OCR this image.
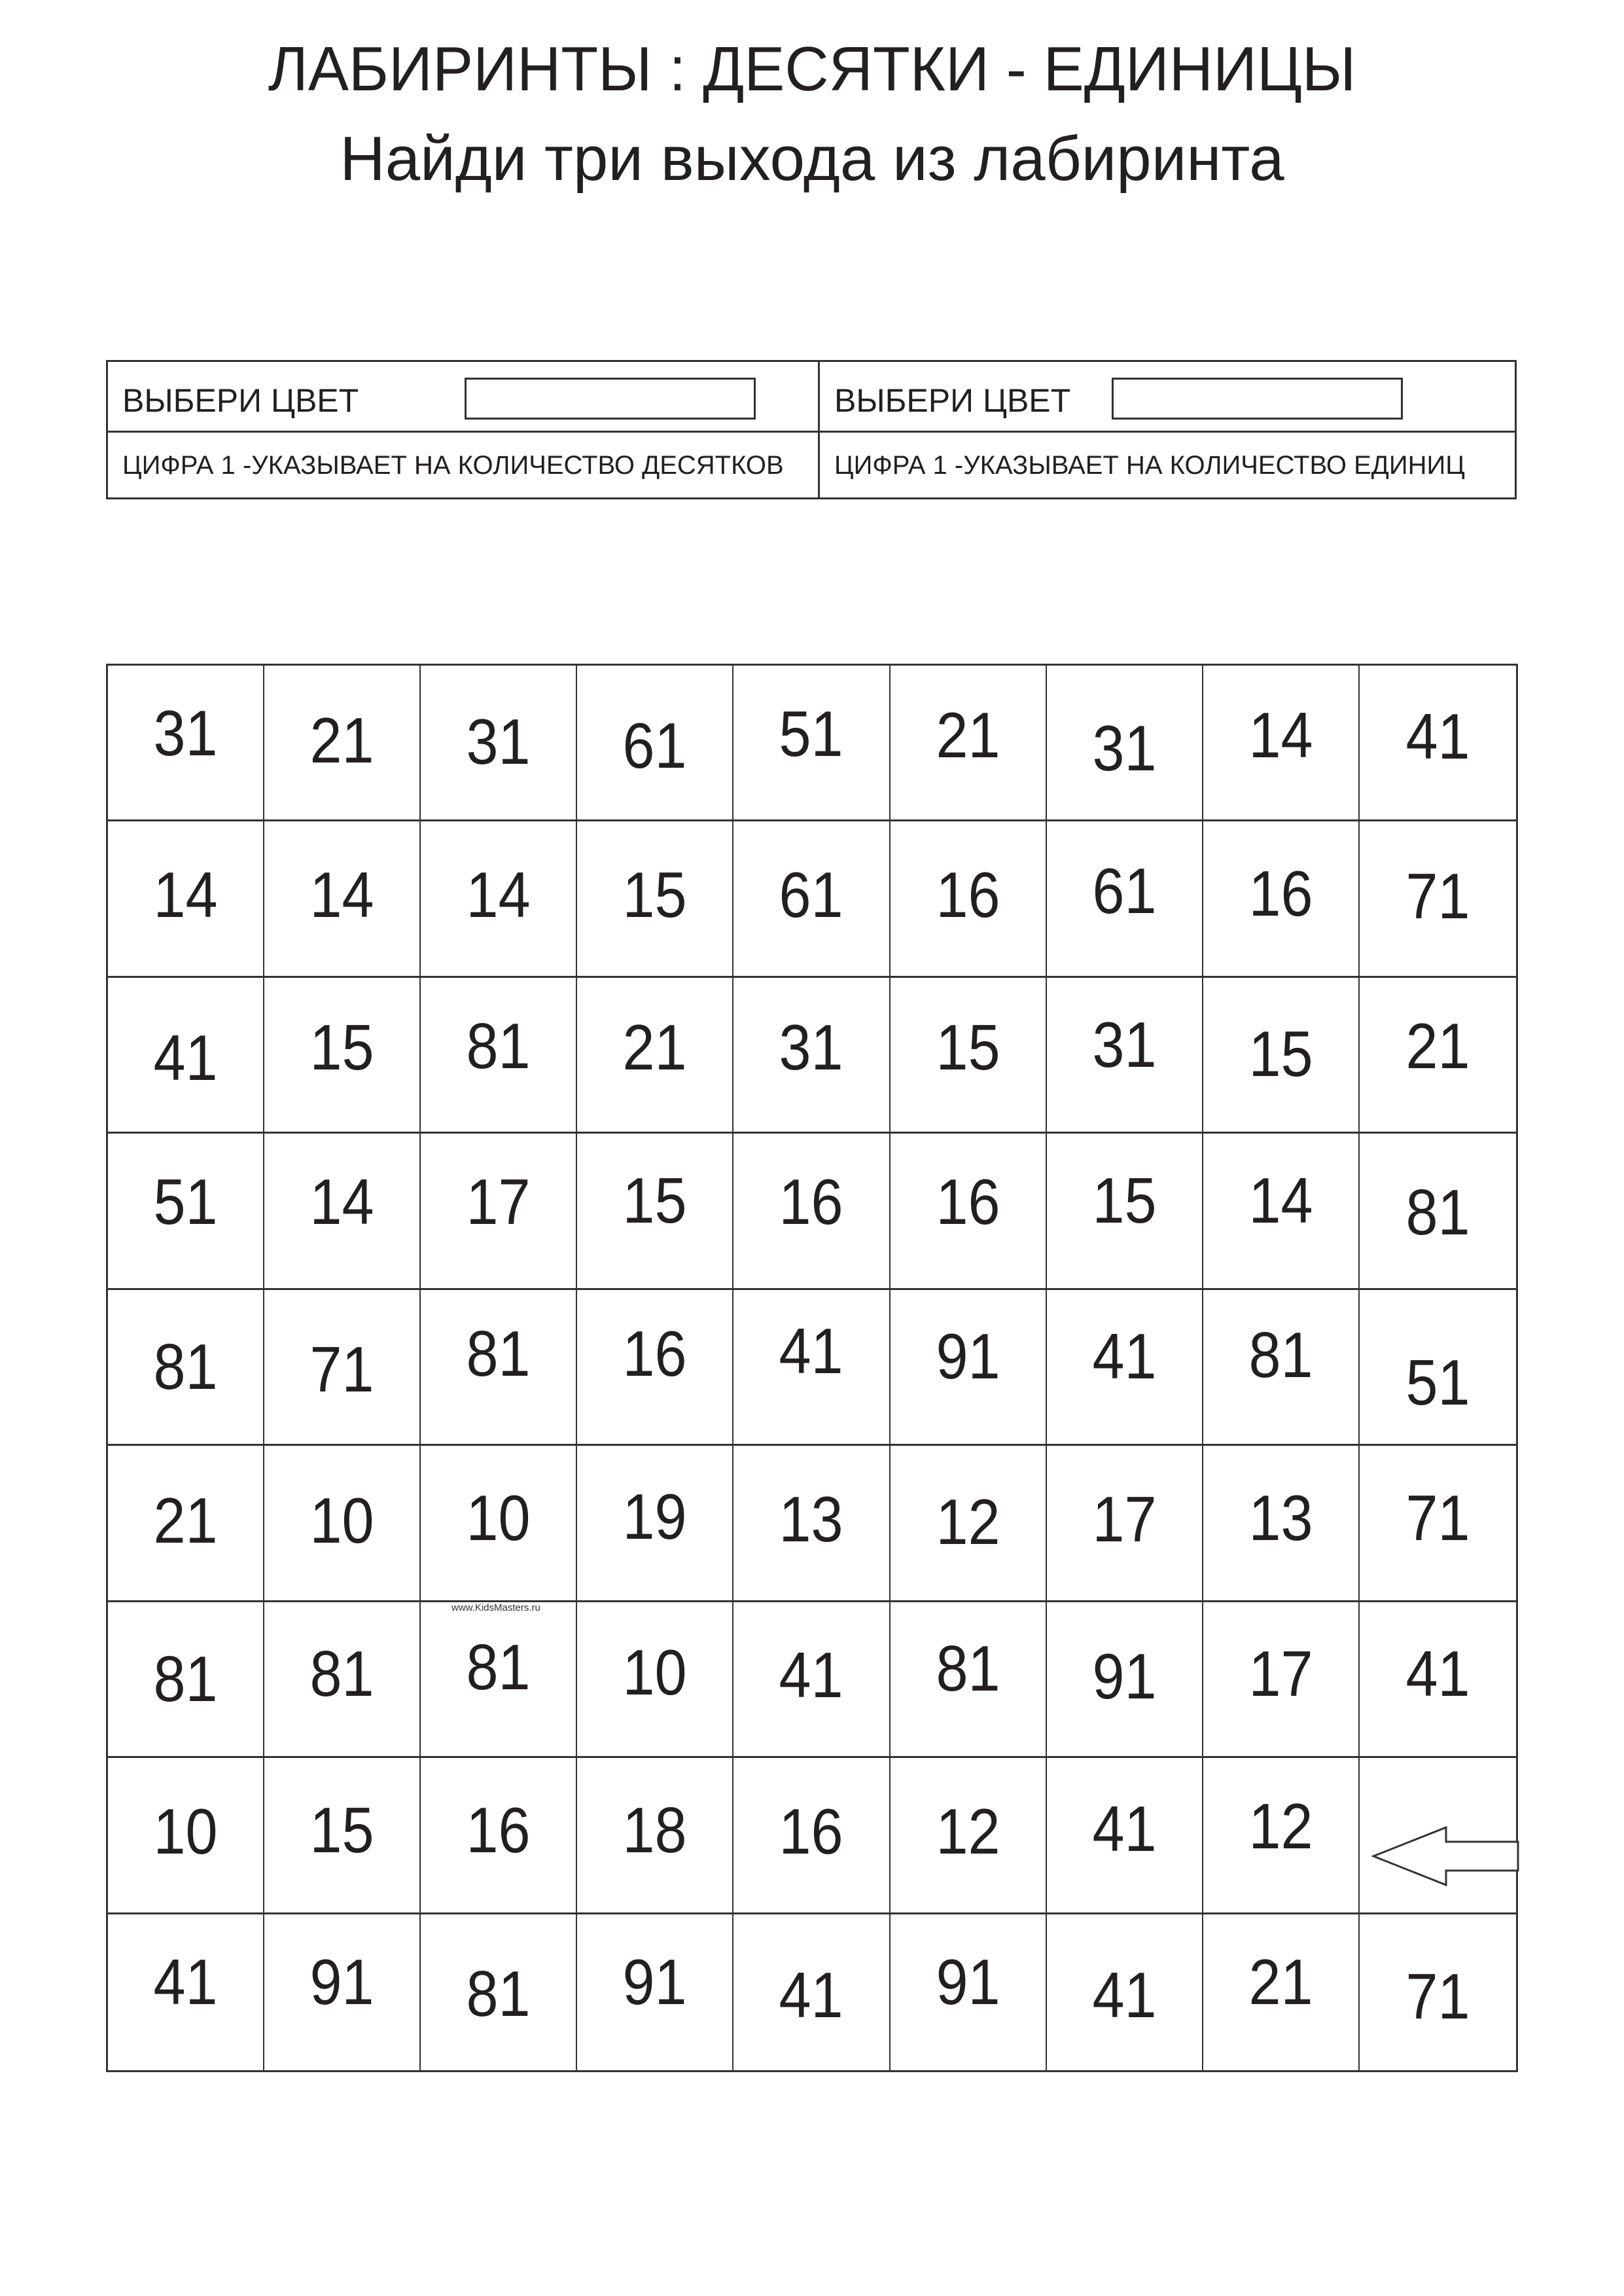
ЛАБИРИНТЫ : ДЕСЯТКИ - ЕДИНИЦЫ
Найди три выхода из лабиринта
ВЫБЕРИ ЦВЕТ	ВЫБЕРИ ЦВЕТ
ЦИФРА 1 -УКАЗЫВАЕТ НА КОЛИЧЕСТВО ДЕСЯТКОВ ЦИФРА 1 -УКАЗЫВАЕТ НА КОЛИЧЕСТВО ЕДИНИЦ
31 21 31 61 51 21 31 14 41
14 14 14 15 61 16 61 16 71
41 15 81 21 31 15 31 15 21
51 14 17 15 16 16 15 14 81
81 71 81 16 41 91 41 81 51
21 10 10 19 13 12 17 13 71
81 81 81 10 41 81 91 17 41
10 15 16 18 16 12 41 12
41 91 81 91 41 91 41 21 71
www.KidsMasters.ru
